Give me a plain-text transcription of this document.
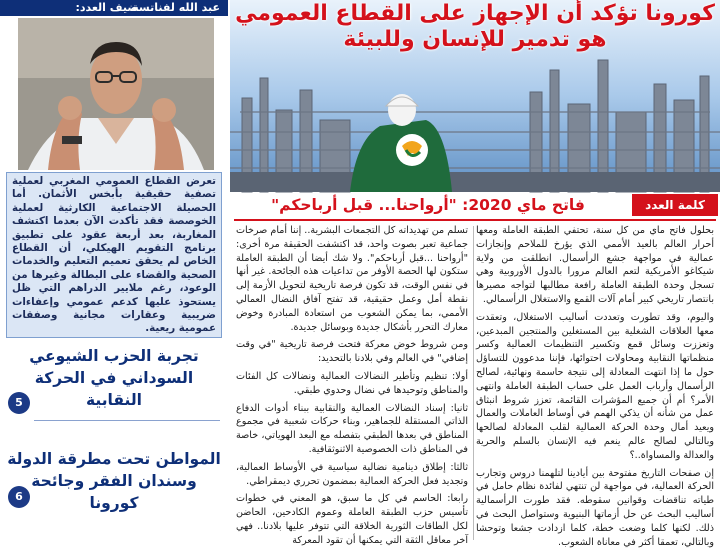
ضيف العدد:
عبد الله لفناتسة
تعرض القطاع العمومي المغربي لعملية تصفية حقيقية بأبخس الأثمان. أما الحصيلة الاجتماعية الكارثية لعملية الخوصصة فقد تأكدت الآن بعدما اكتشف المغاربة، بعد أربعة عقود على تطبيق برنامج التقويم الهيكلي، أن القطاع الخاص لم يحقق تعميم التعليم والخدمات الصحية والقضاء على البطالة وغيرها من الوعود، رغم ملايير الدراهم التي ظل يستحوذ عليها كدعم عمومي وإعفاءات ضريبية وعقارات مجانية وصفقات عمومية ريعية.
تجربة الحزب الشيوعي السوداني في الحركة النقابية
5
المواطن تحت مطرقة الدولة وسندان الفقر وجائحة كورونا
6
كورونا تؤكد أن الإجهاز على القطاع العمومي
هو تدمير للإنسان وللبيئة
كلمة العدد
فاتح ماي 2020: "أرواحنا... قبل أرباحكم"

بحلول فاتح ماي من كل سنة، تحتفي الطبقة العاملة ومعها أحرار العالم بالعيد الأممي الذي يؤرخ للملاحم وإنجازات عمالية في مواجهة جشع الرأسمال. انطلقت من ولاية شيكاغو الأمريكية لتعم العالم مرورا بالدول الأوروبية وهي تسجل وحدة الطبقة العاملة رافعة مطالبها لتواجه مصيرها بانتصار تاريخي كبير أمام آلات القمع والاستغلال الرأسمالي.

واليوم، وقد تطورت وتعددت أساليب الاستغلال، وتعقدت معها العلاقات الشغلية بين المستغلين والمنتجين المبدعين، وتعززت وسائل قمع وتكسير التنظيمات العمالية وكسر منظماتها النقابية ومحاولات احتوائها، فإننا مدعوون للتساؤل حول ما إذا انتهت المعادلة إلى نتيجة حاسمة ونهائية، لصالح الرأسمال وأرباب العمل على حساب الطبقة العاملة وانتهى الأمر؟ أم أن جميع المؤشرات القائمة، تعزز شروط انبثاق عمل من شأنه أن يذكي الهمم في أوساط العاملات والعمال ويعيد أمال وحدة الحركة العمالية لقلب المعادلة لصالحها وبالتالي لصالح عالم ينعم فيه الإنسان بالسلم والحرية والعدالة والمساواة..؟

إن صفحات التاريخ مفتوحة بين أيادينا لتلهمنا دروس وتجارب الحركة العمالية، في مواجهة لن تنتهي لفائدة نظام حامل في طياته تناقضات وقوانين سقوطه. فقد طورت الرأسمالية أساليب البحث عن حل أزماتها البنيوية وستواصل البحث في ذلك. لكنها كلما وضعت خطة، كلما ازدادت جشعا وتوحشا وبالتالي، تعمقا أكثر في معاناة الشعوب.

تسلم من تهديداته كل التجمعات البشرية.. إننا أمام صرخات جماعية تعبر بصوت واحد، قد اكتشفت الحقيقة مرة أخرى: "أرواحنا ...قبل أرباحكم". ولا شك أيضا أن الطبقة العاملة ستكون لها الحصة الأوفر من تداعيات هذه الجائحة. غير أنها في نفس الوقت، قد تكون فرصة تاريخية لتحويل الأزمة إلى نقطة أمل وعمل حقيقية، قد تفتح آفاق النضال العمالي الأممي، بما يمكن الشعوب من استعادة المبادرة وخوض معارك التحرر بأشكال جديدة وبوسائل جديدة.

ومن شروط خوض معركة فتحت فرصة تاريخية "في وقت إضافي" في العالم وفي بلادنا بالتحديد:

أولا: تنظيم وتأطير النضالات العمالية ونضالات كل الفئات والمناطق وتوحيدها في نضال وحدوي طبقي.

ثانيا: إسناد النضالات العمالية والنقابية ببناء أدوات الدفاع الذاتي المستقلة للجماهير، وبناء حركات شعبية في مجموع المناطق في بعدها الطبقي بتفصله مع البعد الهوياتي، خاصة في المناطق ذات الخصوصية الاثنوثقافية.

ثالثا: إطلاق دينامية نضالية سياسية في الأوساط العمالية، وتجديد فعل الحركة العمالية بمضمون تحرري ديمقراطي.

رابعا: الحاسم في كل ما سبق، هو المعني في خطوات تأسيس حزب الطبقة العاملة وعموم الكادحين، الحاضن لكل الطاقات الثورية الخلاقة التي تتوفر عليها بلادنا.. فهي آخر معاقل الثقة التي يمكنها أن تقود المعركة
